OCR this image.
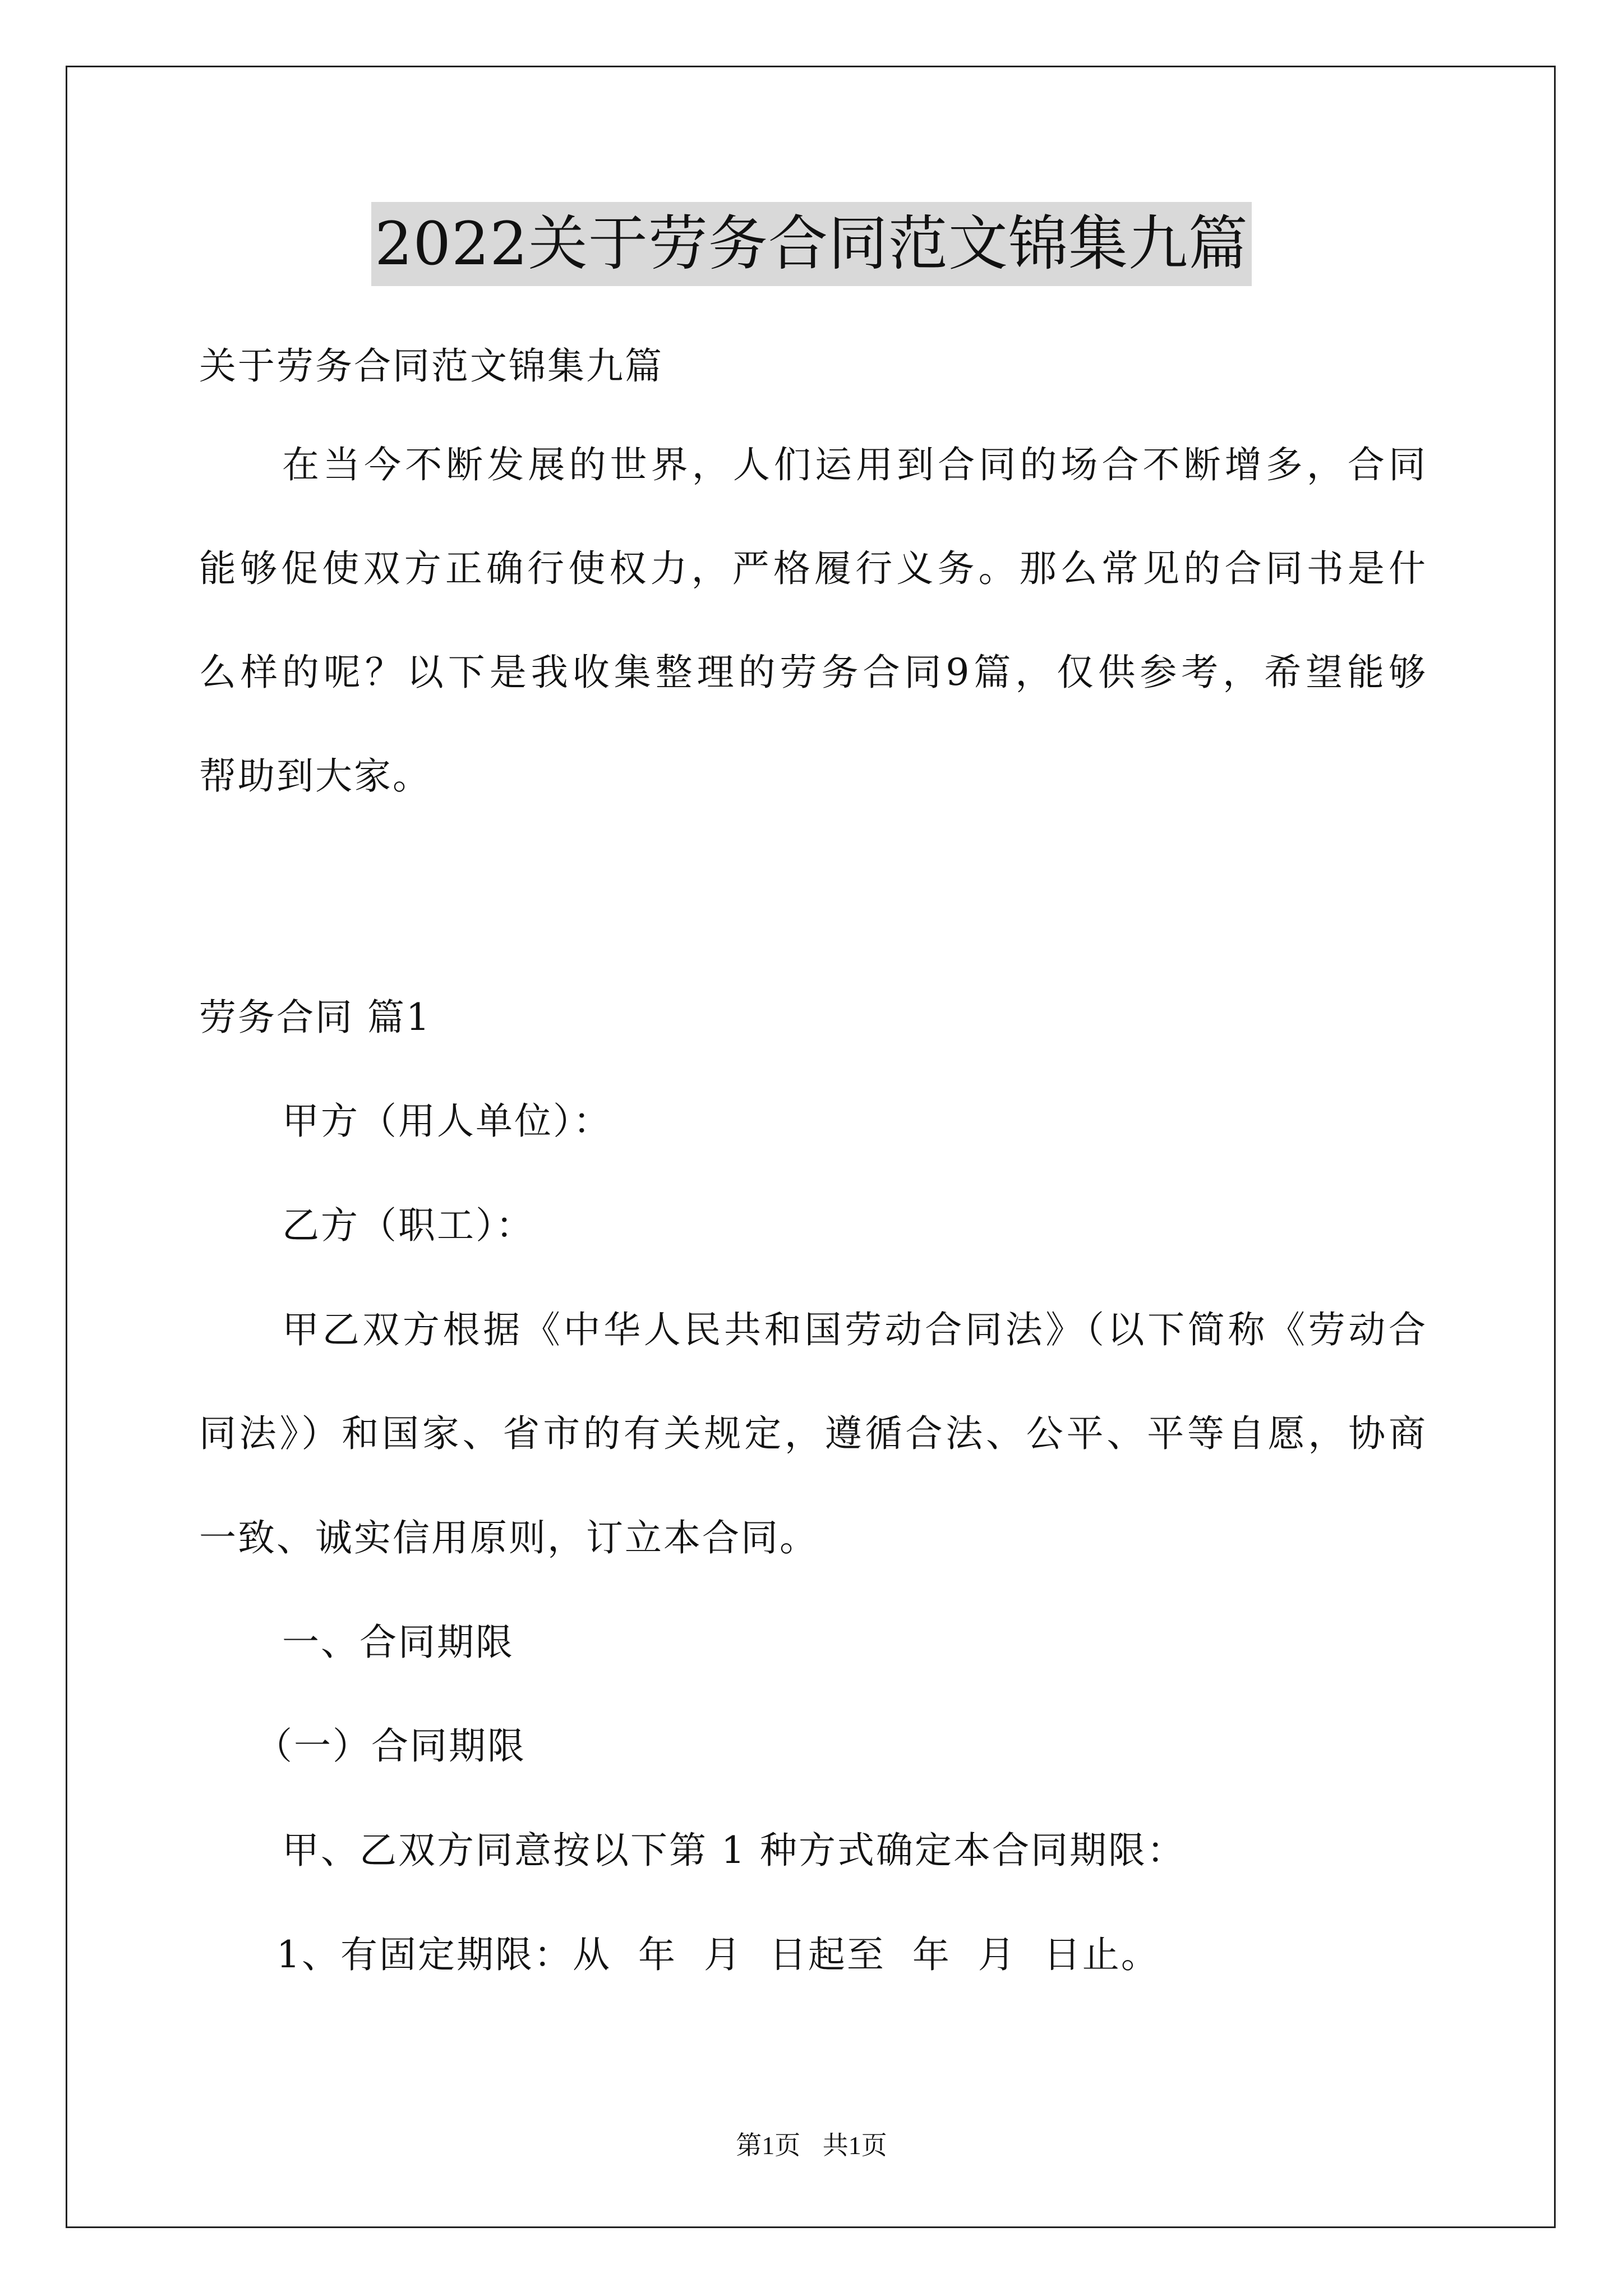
2022关于劳务合同范文锦集九篇
关于劳务合同范文锦集九篇
在当今不断发展的世界，人们运用到合同的场合不断增多，合同
能够促使双方正确行使权力，严格履行义务。那么常见的合同书是什
么样的呢？以下是我收集整理的劳务合同9篇，仅供参考，希望能够
帮助到大家。
劳务合同 篇1
甲方（用人单位）：
乙方（职工）：
甲乙双方根据《中华人民共和国劳动合同法》（以下简称《劳动合
同法》）和国家、省市的有关规定，遵循合法、公平、平等自愿，协商
一致、诚实信用原则，订立本合同。
一、合同期限
（一）合同期限
甲、乙双方同意按以下第 1 种方式确定本合同期限：
1、有固定期限：从  年  月  日起至  年  月  日止。
第1页 共1页
